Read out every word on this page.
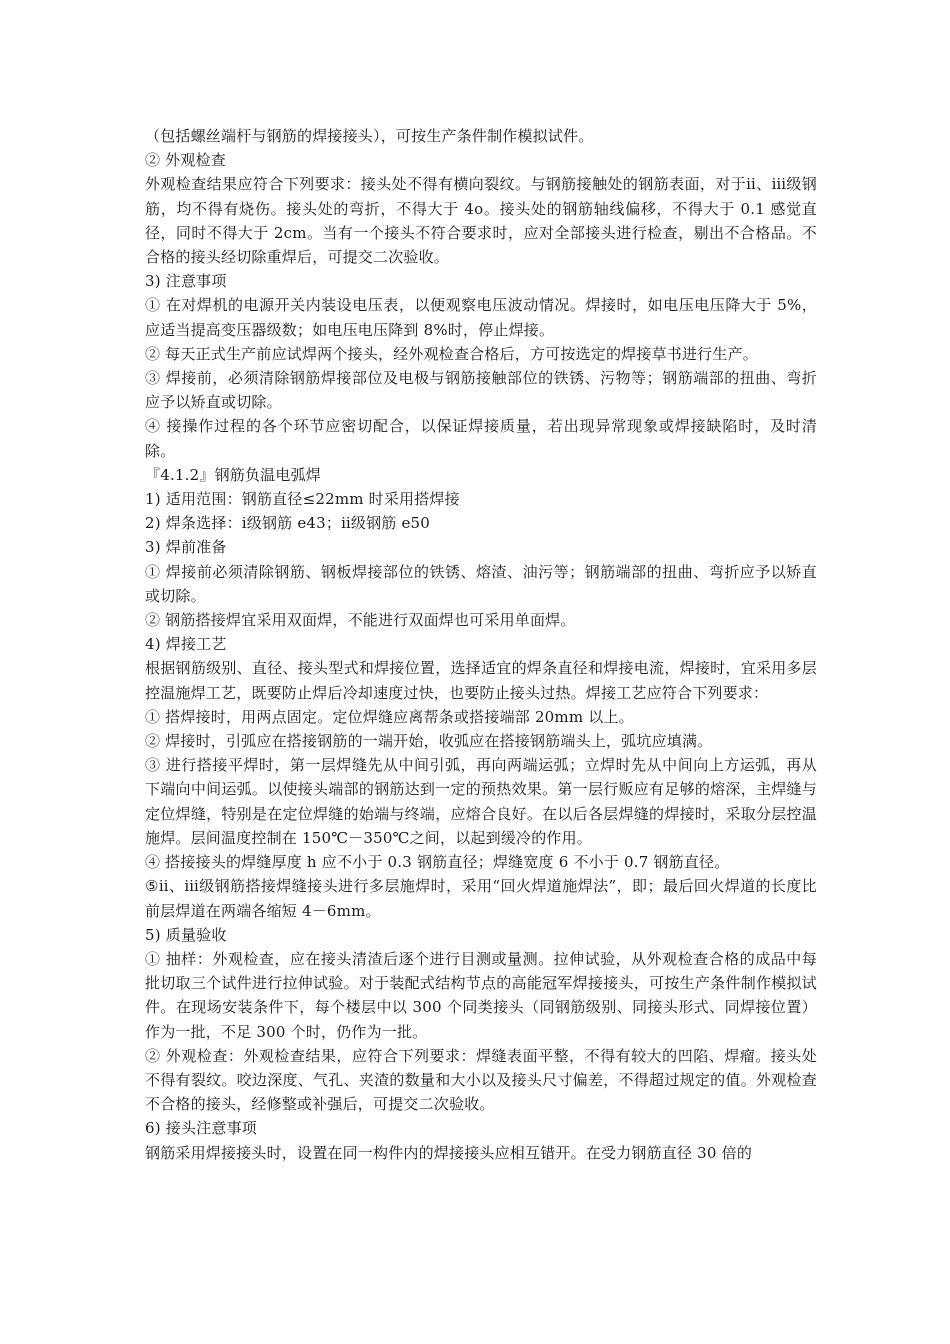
（包括螺丝端杆与钢筋的焊接接头），可按生产条件制作模拟试件。

② 外观检查

外观检查结果应符合下列要求：接头处不得有横向裂纹。与钢筋接触处的钢筋表面，对于ⅱ、ⅲ级钢筋，均不得有烧伤。接头处的弯折，不得大于 4o。接头处的钢筋轴线偏移，不得大于 0.1 感觉直径，同时不得大于 2cm。当有一个接头不符合要求时，应对全部接头进行检查，剔出不合格品。不合格的接头经切除重焊后，可提交二次验收。

3) 注意事项

① 在对焊机的电源开关内装设电压表，以便观察电压波动情况。焊接时，如电压电压降大于 5%，应适当提高变压器级数；如电压电压降到 8%时，停止焊接。

② 每天正式生产前应试焊两个接头，经外观检查合格后，方可按选定的焊接草书进行生产。

③ 焊接前，必须清除钢筋焊接部位及电极与钢筋接触部位的铁锈、污物等；钢筋端部的扭曲、弯折应予以矫直或切除。

④ 接操作过程的各个环节应密切配合，以保证焊接质量，若出现异常现象或焊接缺陷时，及时清除。

『4.1.2』钢筋负温电弧焊

1) 适用范围：钢筋直径≤22mm 时采用搭焊接

2) 焊条选择：ⅰ级钢筋 e43；ⅱ级钢筋 e50

3) 焊前准备

① 焊接前必须清除钢筋、钢板焊接部位的铁锈、熔渣、油污等；钢筋端部的扭曲、弯折应予以矫直或切除。

② 钢筋搭接焊宜采用双面焊，不能进行双面焊也可采用单面焊。

4) 焊接工艺

根据钢筋级别、直径、接头型式和焊接位置，选择适宜的焊条直径和焊接电流，焊接时，宜采用多层控温施焊工艺，既要防止焊后冷却速度过快，也要防止接头过热。焊接工艺应符合下列要求：

① 搭焊接时，用两点固定。定位焊缝应离帮条或搭接端部 20mm 以上。

② 焊接时，引弧应在搭接钢筋的一端开始，收弧应在搭接钢筋端头上，弧坑应填满。

③ 进行搭接平焊时，第一层焊缝先从中间引弧，再向两端运弧；立焊时先从中间向上方运弧，再从下端向中间运弧。以使接头端部的钢筋达到一定的预热效果。第一层行贩应有足够的熔深，主焊缝与定位焊缝，特别是在定位焊缝的始端与终端，应熔合良好。在以后各层焊缝的焊接时，采取分层控温施焊。层间温度控制在 150℃－350℃之间，以起到缓冷的作用。

④ 搭接接头的焊缝厚度 h 应不小于 0.3 钢筋直径；焊缝宽度 6 不小于 0.7 钢筋直径。

⑤ⅱ、ⅲ级钢筋搭接焊缝接头进行多层施焊时，采用“回火焊道施焊法”，即；最后回火焊道的长度比前层焊道在两端各缩短 4－6mm。

5) 质量验收

① 抽样：外观检查，应在接头清渣后逐个进行目测或量测。拉伸试验，从外观检查合格的成品中每批切取三个试件进行拉伸试验。对于装配式结构节点的高能冠军焊接接头，可按生产条件制作模拟试件。在现场安装条件下，每个楼层中以 300 个同类接头（同钢筋级别、同接头形式、同焊接位置）作为一批，不足 300 个时，仍作为一批。

② 外观检查：外观检查结果，应符合下列要求：焊缝表面平整，不得有较大的凹陷、焊瘤。接头处不得有裂纹。咬边深度、气孔、夹渣的数量和大小以及接头尺寸偏差，不得超过规定的值。外观检查不合格的接头，经修整或补强后，可提交二次验收。

6) 接头注意事项

钢筋采用焊接接头时，设置在同一构件内的焊接接头应相互错开。在受力钢筋直径 30 倍的
